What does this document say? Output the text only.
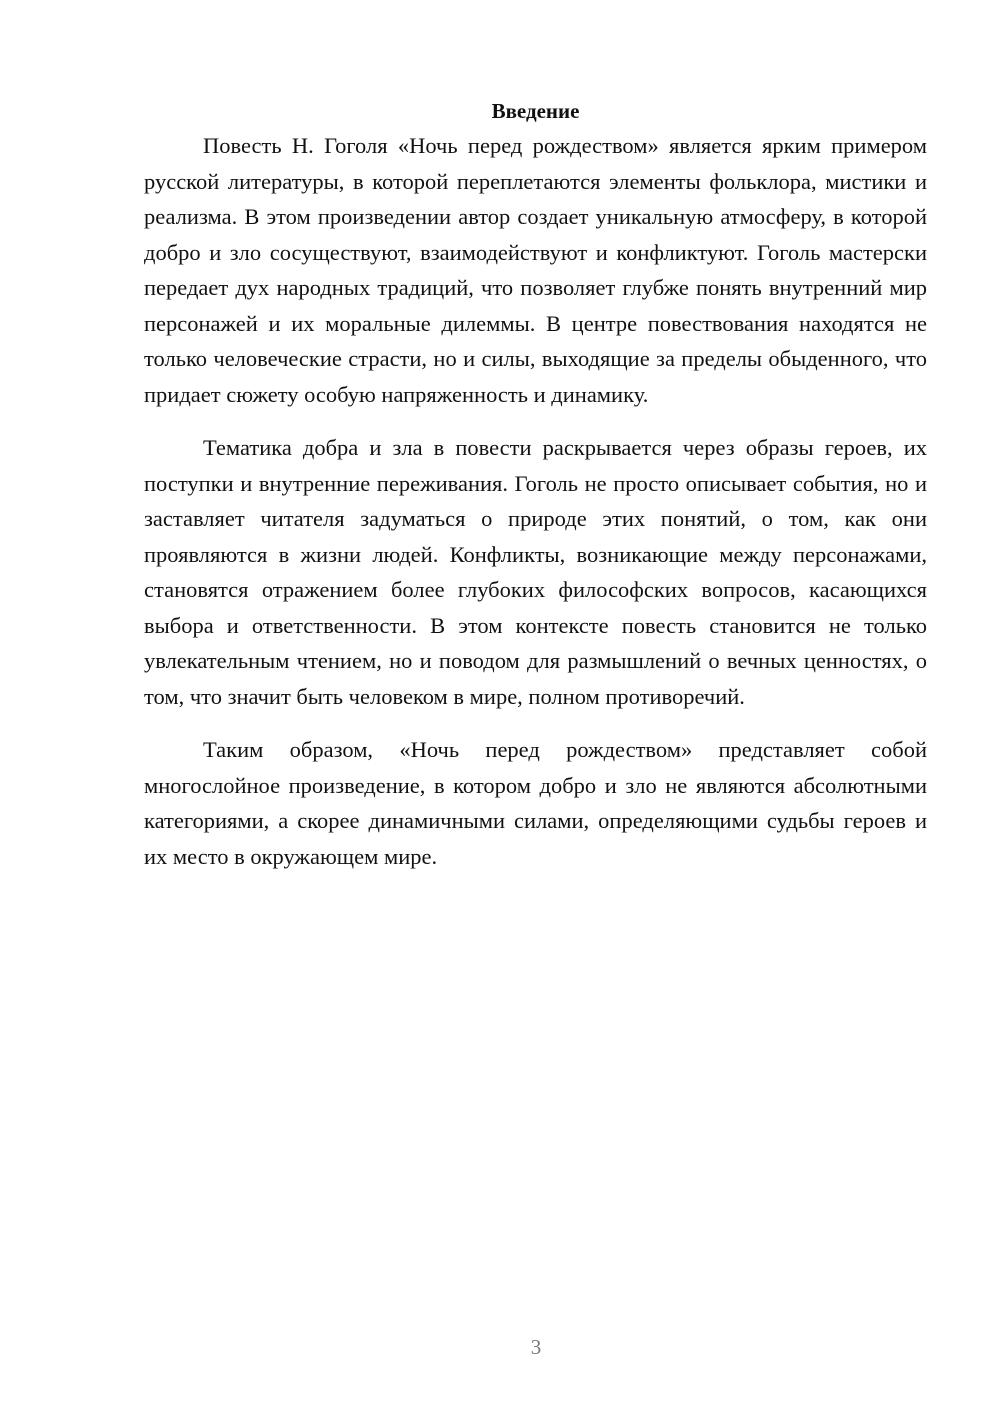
Введение

Повесть Н. Гоголя «Ночь перед рождеством» является ярким примером русской литературы, в которой переплетаются элементы фольклора, мистики и реализма. В этом произведении автор создает уникальную атмосферу, в которой добро и зло сосуществуют, взаимодействуют и конфликтуют. Гоголь мастерски передает дух народных традиций, что позволяет глубже понять внутренний мир персонажей и их моральные дилеммы. В центре повествования находятся не только человеческие страсти, но и силы, выходящие за пределы обыденного, что придает сюжету особую напряженность и динамику.

Тематика добра и зла в повести раскрывается через образы героев, их поступки и внутренние переживания. Гоголь не просто описывает события, но и заставляет читателя задуматься о природе этих понятий, о том, как они проявляются в жизни людей. Конфликты, возникающие между персонажами, становятся отражением более глубоких философских вопросов, касающихся выбора и ответственности. В этом контексте повесть становится не только увлекательным чтением, но и поводом для размышлений о вечных ценностях, о том, что значит быть человеком в мире, полном противоречий.

Таким образом, «Ночь перед рождеством» представляет собой многослойное произведение, в котором добро и зло не являются абсолютными категориями, а скорее динамичными силами, определяющими судьбы героев и их место в окружающем мире.

3
